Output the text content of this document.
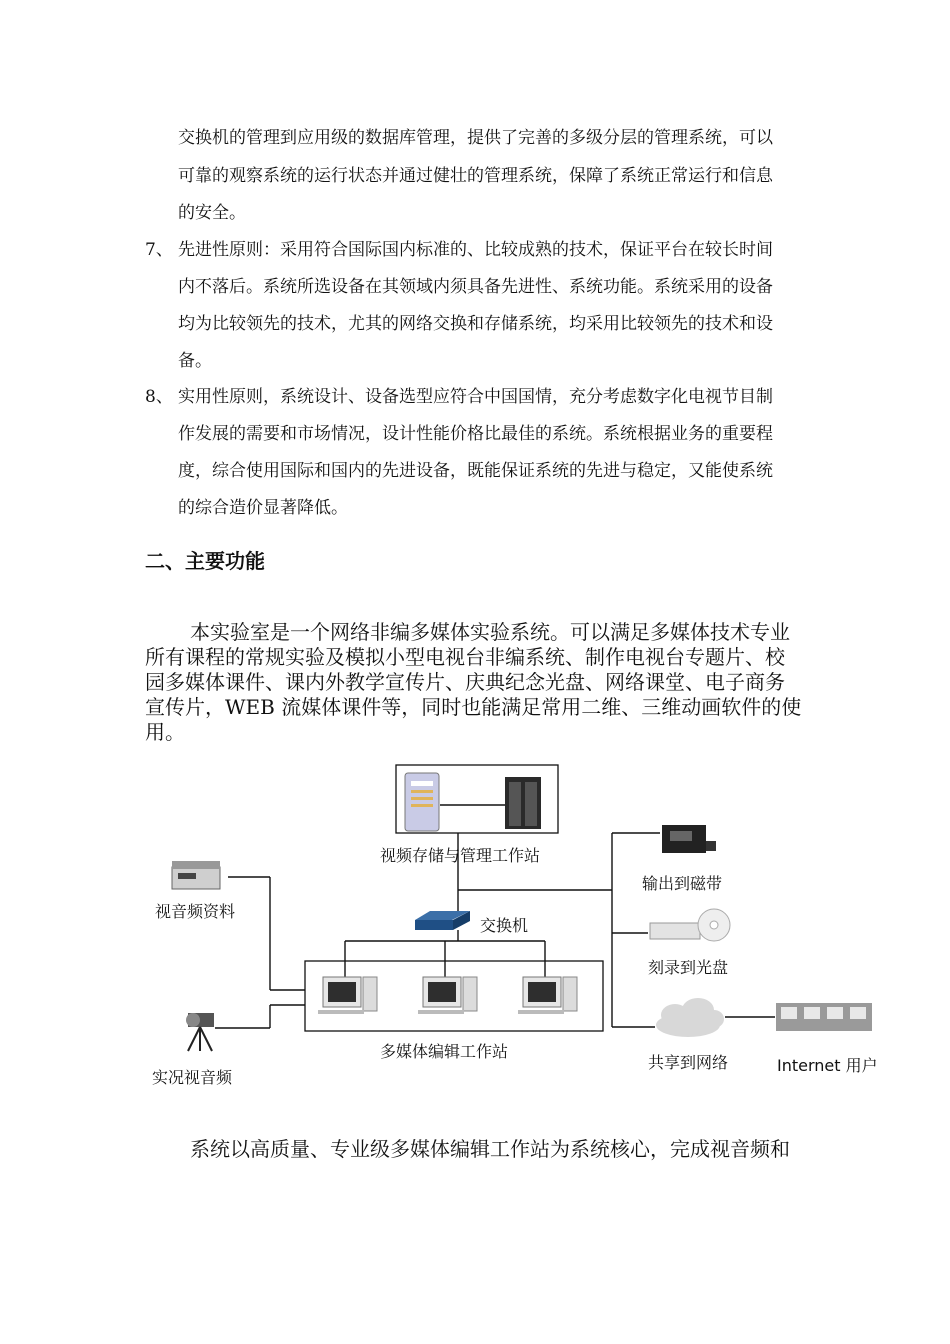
交换机的管理到应用级的数据库管理，提供了完善的多级分层的管理系统，可以
可靠的观察系统的运行状态并通过健壮的管理系统，保障了系统正常运行和信息
的安全。
7、 先进性原则：采用符合国际国内标准的、比较成熟的技术，保证平台在较长时间
内不落后。系统所选设备在其领域内须具备先进性、系统功能。系统采用的设备
均为比较领先的技术，尤其的网络交换和存储系统，均采用比较领先的技术和设
备。
8、 实用性原则，系统设计、设备选型应符合中国国情，充分考虑数字化电视节目制
作发展的需要和市场情况，设计性能价格比最佳的系统。系统根据业务的重要程
度，综合使用国际和国内的先进设备，既能保证系统的先进与稳定，又能使系统
的综合造价显著降低。
二、主要功能
本实验室是一个网络非编多媒体实验系统。可以满足多媒体技术专业
所有课程的常规实验及模拟小型电视台非编系统、制作电视台专题片、校
园多媒体课件、课内外教学宣传片、庆典纪念光盘、网络课堂、电子商务
宣传片，WEB 流媒体课件等，同时也能满足常用二维、三维动画软件的使
用。
视频存储与管理工作站
视音频资料
交换机
多媒体编辑工作站
实况视音频
输出到磁带
刻录到光盘
共享到网络	Internet 用户
系统以高质量、专业级多媒体编辑工作站为系统核心，完成视音频和
